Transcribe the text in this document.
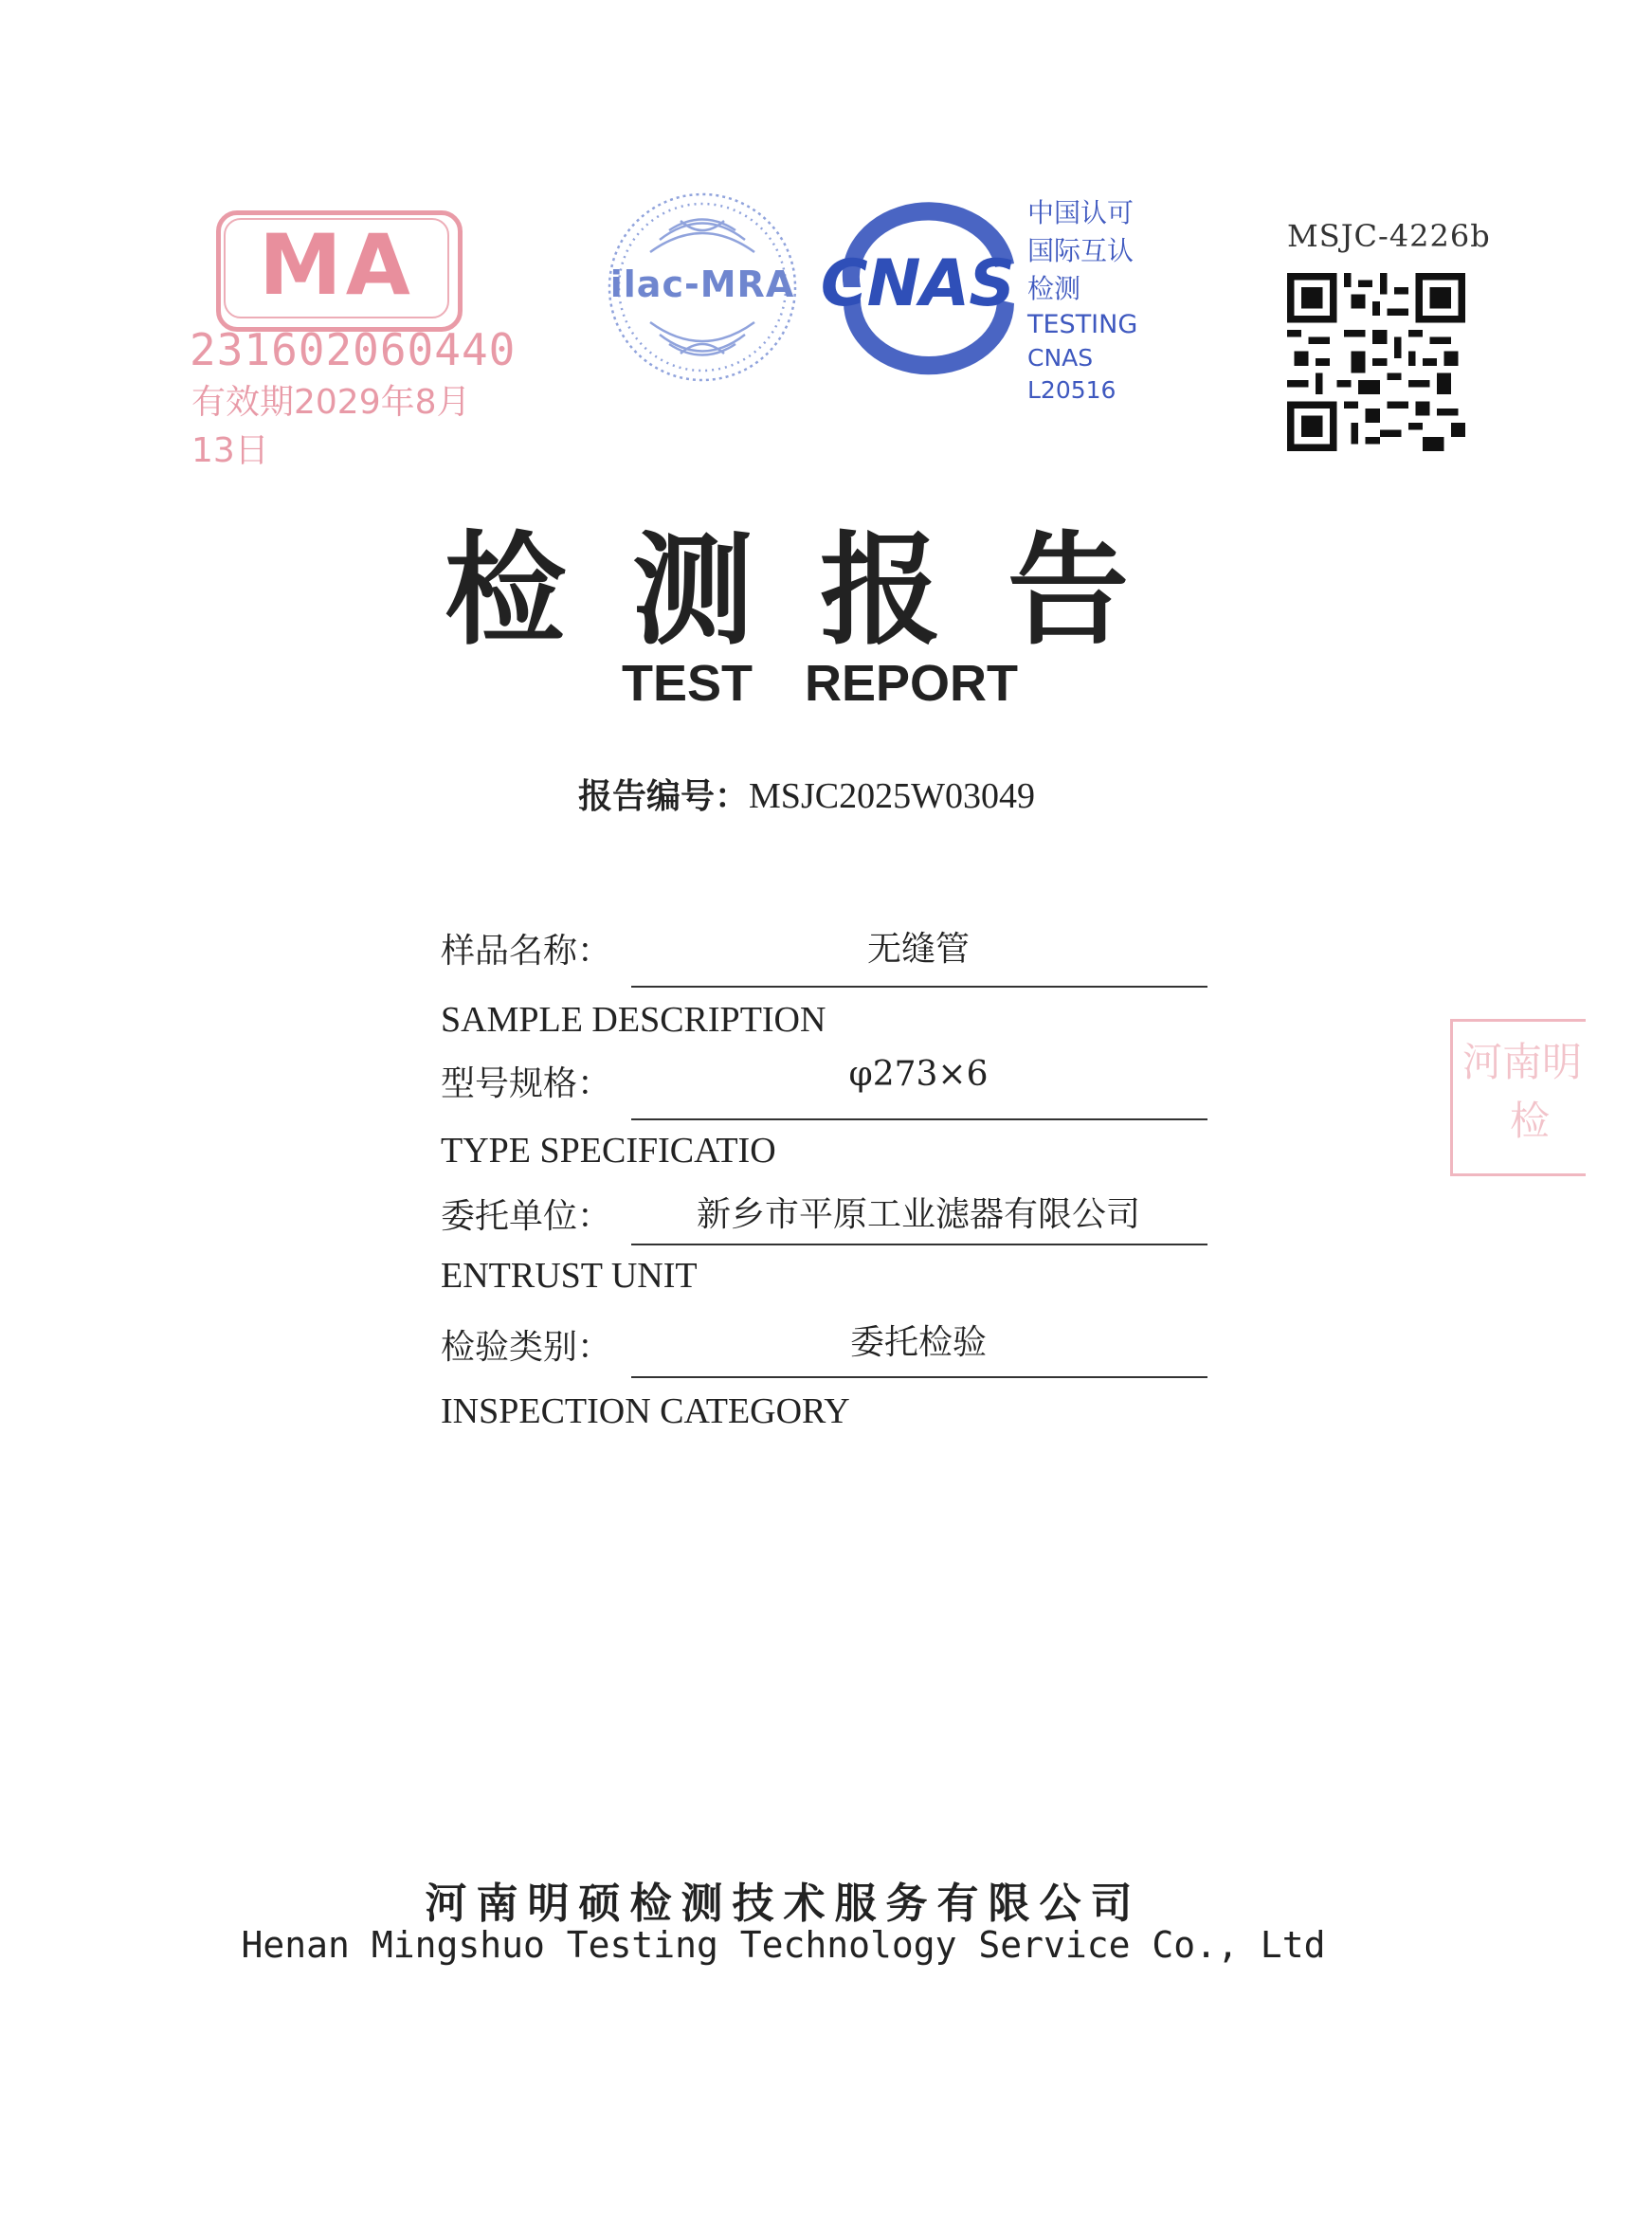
MA
231602060440
有效期2029年8月13日
ilac-MRA CNAS
中国认可
国际互认
检测
TESTING
CNAS L20516
MSJC-4226b
检测报告
TEST REPORT
报告编号：MSJC2025W03049
样品名称：	无缝管
SAMPLE DESCRIPTION
型号规格：	φ273×6
TYPE SPECIFICATIO
委托单位：	新乡市平原工业滤器有限公司
ENTRUST UNIT
检验类别：	委托检验
INSPECTION CATEGORY
河南明硕检测技术服务有限公司
Henan Mingshuo Testing Technology Service Co., Ltd
河南明
检
